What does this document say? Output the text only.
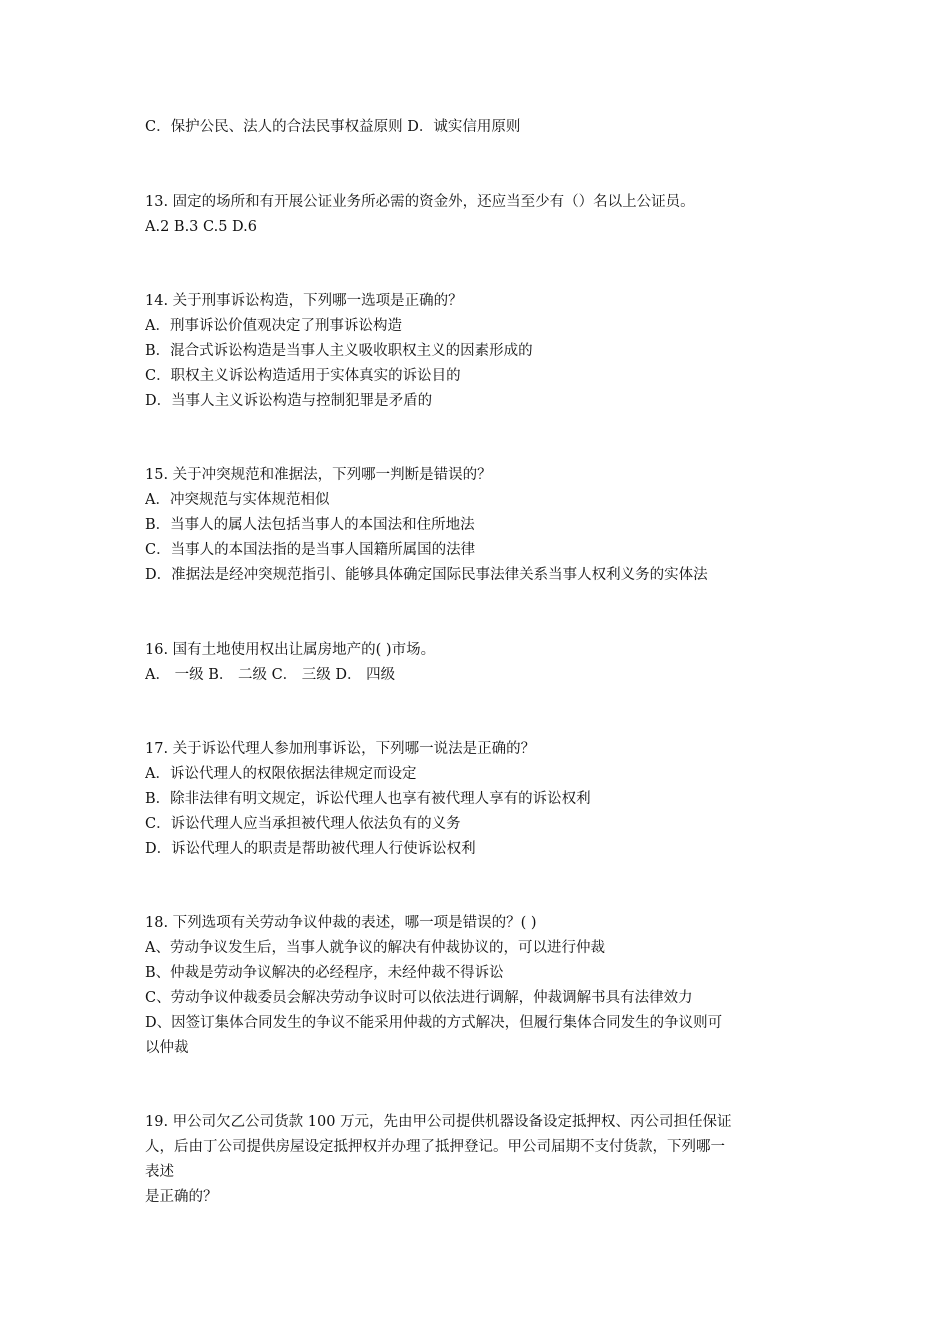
C．保护公民、法人的合法民事权益原则 D．诚实信用原则
13. 固定的场所和有开展公证业务所必需的资金外，还应当至少有（）名以上公证员。
A.2 B.3 C.5 D.6
14. 关于刑事诉讼构造，下列哪一选项是正确的？
A．刑事诉讼价值观决定了刑事诉讼构造
B．混合式诉讼构造是当事人主义吸收职权主义的因素形成的
C．职权主义诉讼构造适用于实体真实的诉讼目的
D．当事人主义诉讼构造与控制犯罪是矛盾的
15. 关于冲突规范和准据法，下列哪一判断是错误的？
A．冲突规范与实体规范相似
B．当事人的属人法包括当事人的本国法和住所地法
C．当事人的本国法指的是当事人国籍所属国的法律
D．准据法是经冲突规范指引、能够具体确定国际民事法律关系当事人权利义务的实体法
16. 国有土地使用权出让属房地产的( )市场。
A． 一级 B． 二级 C． 三级 D． 四级
17. 关于诉讼代理人参加刑事诉讼，下列哪一说法是正确的？
A．诉讼代理人的权限依据法律规定而设定
B．除非法律有明文规定，诉讼代理人也享有被代理人享有的诉讼权利
C．诉讼代理人应当承担被代理人依法负有的义务
D．诉讼代理人的职责是帮助被代理人行使诉讼权利
18. 下列选项有关劳动争议仲裁的表述，哪一项是错误的？( )
A、劳动争议发生后，当事人就争议的解决有仲裁协议的，可以进行仲裁
B、仲裁是劳动争议解决的必经程序，未经仲裁不得诉讼
C、劳动争议仲裁委员会解决劳动争议时可以依法进行调解，仲裁调解书具有法律效力
D、因签订集体合同发生的争议不能采用仲裁的方式解决，但履行集体合同发生的争议则可
以仲裁
19. 甲公司欠乙公司货款 100 万元，先由甲公司提供机器设备设定抵押权、丙公司担任保证
人，后由丁公司提供房屋设定抵押权并办理了抵押登记。甲公司届期不支付货款，下列哪一
表述
是正确的？
